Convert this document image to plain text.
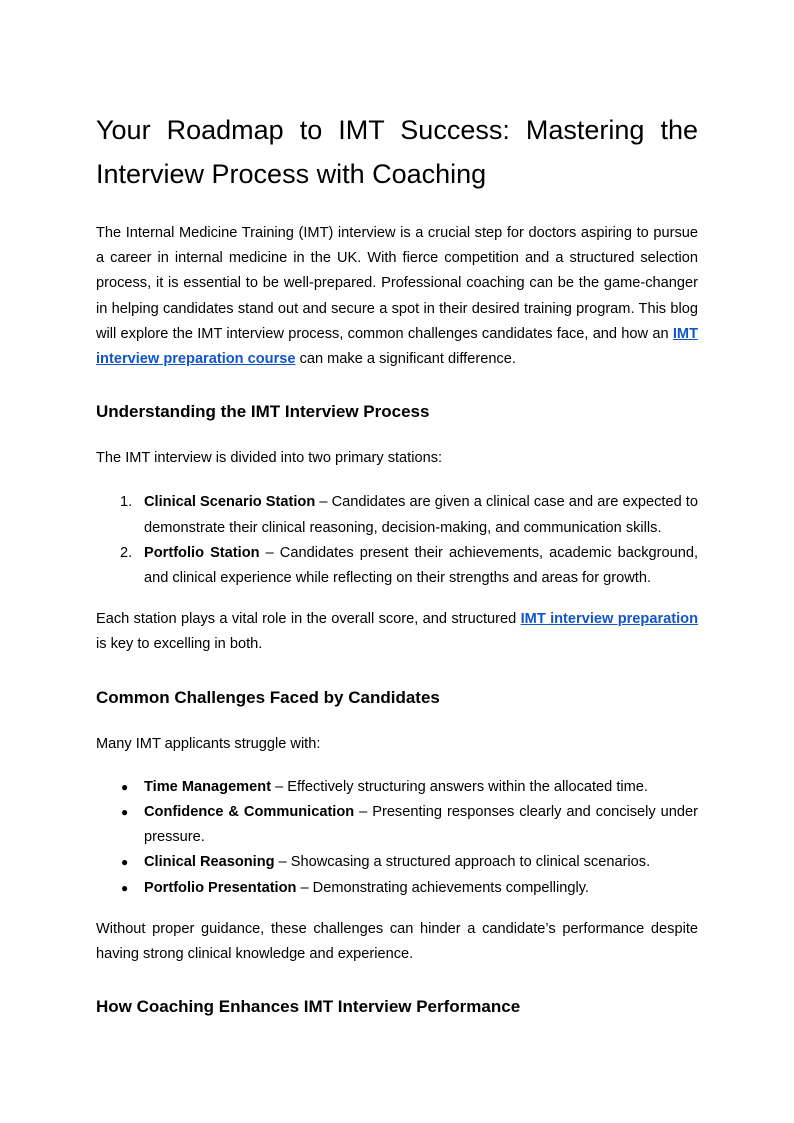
Your Roadmap to IMT Success: Mastering the Interview Process with Coaching

The Internal Medicine Training (IMT) interview is a crucial step for doctors aspiring to pursue a career in internal medicine in the UK. With fierce competition and a structured selection process, it is essential to be well-prepared. Professional coaching can be the game-changer in helping candidates stand out and secure a spot in their desired training program. This blog will explore the IMT interview process, common challenges candidates face, and how an IMT interview preparation course can make a significant difference.

Understanding the IMT Interview Process

The IMT interview is divided into two primary stations:

1. Clinical Scenario Station – Candidates are given a clinical case and are expected to demonstrate their clinical reasoning, decision-making, and communication skills.
2. Portfolio Station – Candidates present their achievements, academic background, and clinical experience while reflecting on their strengths and areas for growth.

Each station plays a vital role in the overall score, and structured IMT interview preparation is key to excelling in both.

Common Challenges Faced by Candidates

Many IMT applicants struggle with:

● Time Management – Effectively structuring answers within the allocated time.
● Confidence & Communication – Presenting responses clearly and concisely under pressure.
● Clinical Reasoning – Showcasing a structured approach to clinical scenarios.
● Portfolio Presentation – Demonstrating achievements compellingly.

Without proper guidance, these challenges can hinder a candidate’s performance despite having strong clinical knowledge and experience.

How Coaching Enhances IMT Interview Performance
